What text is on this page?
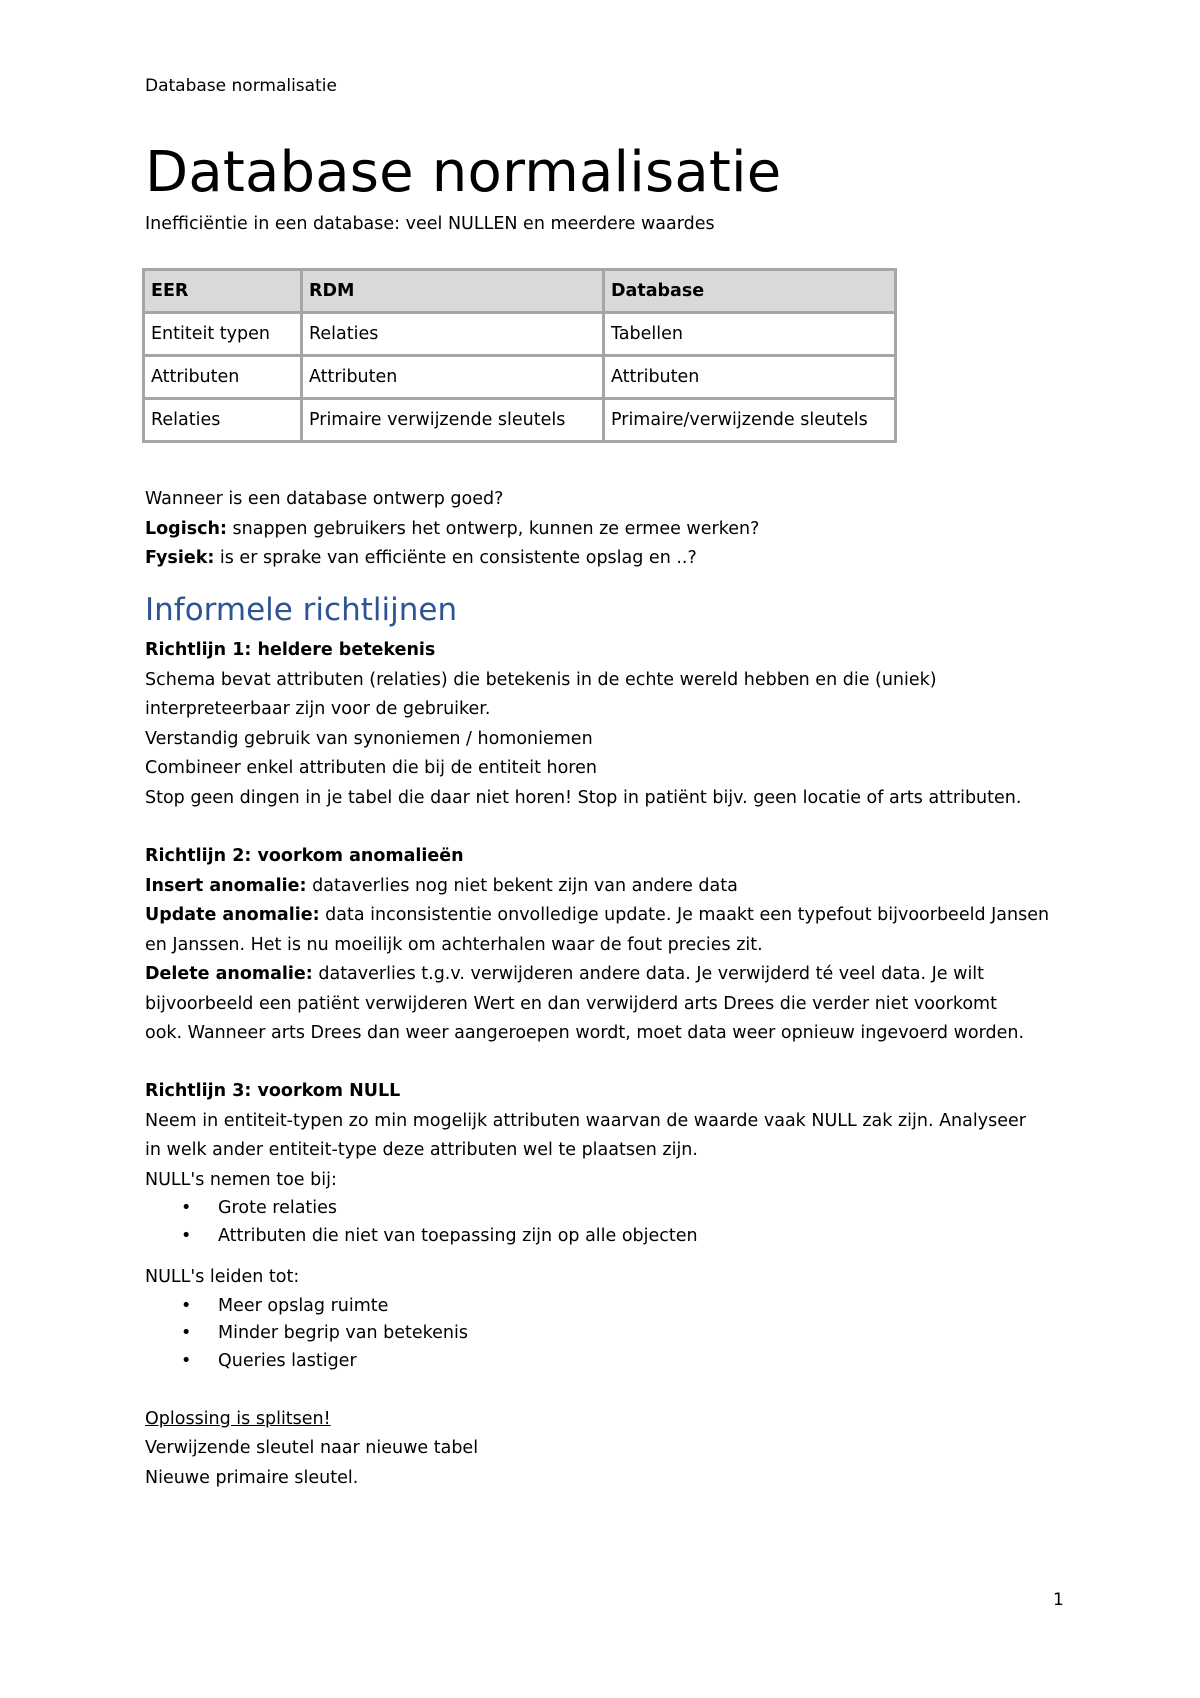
Database normalisatie
Database normalisatie

Inefficiëntie in een database: veel NULLEN en meerdere waardes

EER	RDM	Database
Entiteit typen	Relaties	Tabellen
Attributen	Attributen	Attributen
Relaties	Primaire verwijzende sleutels	Primaire/verwijzende sleutels
Wanneer is een database ontwerp goed?
Logisch: snappen gebruikers het ontwerp, kunnen ze ermee werken?
Fysiek: is er sprake van efficiënte en consistente opslag en ..?
Informele richtlijnen

Richtlijn 1: heldere betekenis

Schema bevat attributen (relaties) die betekenis in de echte wereld hebben en die (uniek)

interpreteerbaar zijn voor de gebruiker.

Verstandig gebruik van synoniemen / homoniemen

Combineer enkel attributen die bij de entiteit horen

Stop geen dingen in je tabel die daar niet horen! Stop in patiënt bijv. geen locatie of arts attributen.

Richtlijn 2: voorkom anomalieën

Insert anomalie: dataverlies nog niet bekent zijn van andere data

Update anomalie: data inconsistentie onvolledige update. Je maakt een typefout bijvoorbeeld Jansen

en Janssen. Het is nu moeilijk om achterhalen waar de fout precies zit.

Delete anomalie: dataverlies t.g.v. verwijderen andere data. Je verwijderd té veel data. Je wilt

bijvoorbeeld een patiënt verwijderen Wert en dan verwijderd arts Drees die verder niet voorkomt

ook. Wanneer arts Drees dan weer aangeroepen wordt, moet data weer opnieuw ingevoerd worden.

Richtlijn 3: voorkom NULL

Neem in entiteit-typen zo min mogelijk attributen waarvan de waarde vaak NULL zak zijn. Analyseer

in welk ander entiteit-type deze attributen wel te plaatsen zijn.

NULL's nemen toe bij:

• Grote relaties
• Attributen die niet van toepassing zijn op alle objecten

NULL's leiden tot:

• Meer opslag ruimte
• Minder begrip van betekenis
• Queries lastiger

Oplossing is splitsen!

Verwijzende sleutel naar nieuwe tabel

Nieuwe primaire sleutel.

1
